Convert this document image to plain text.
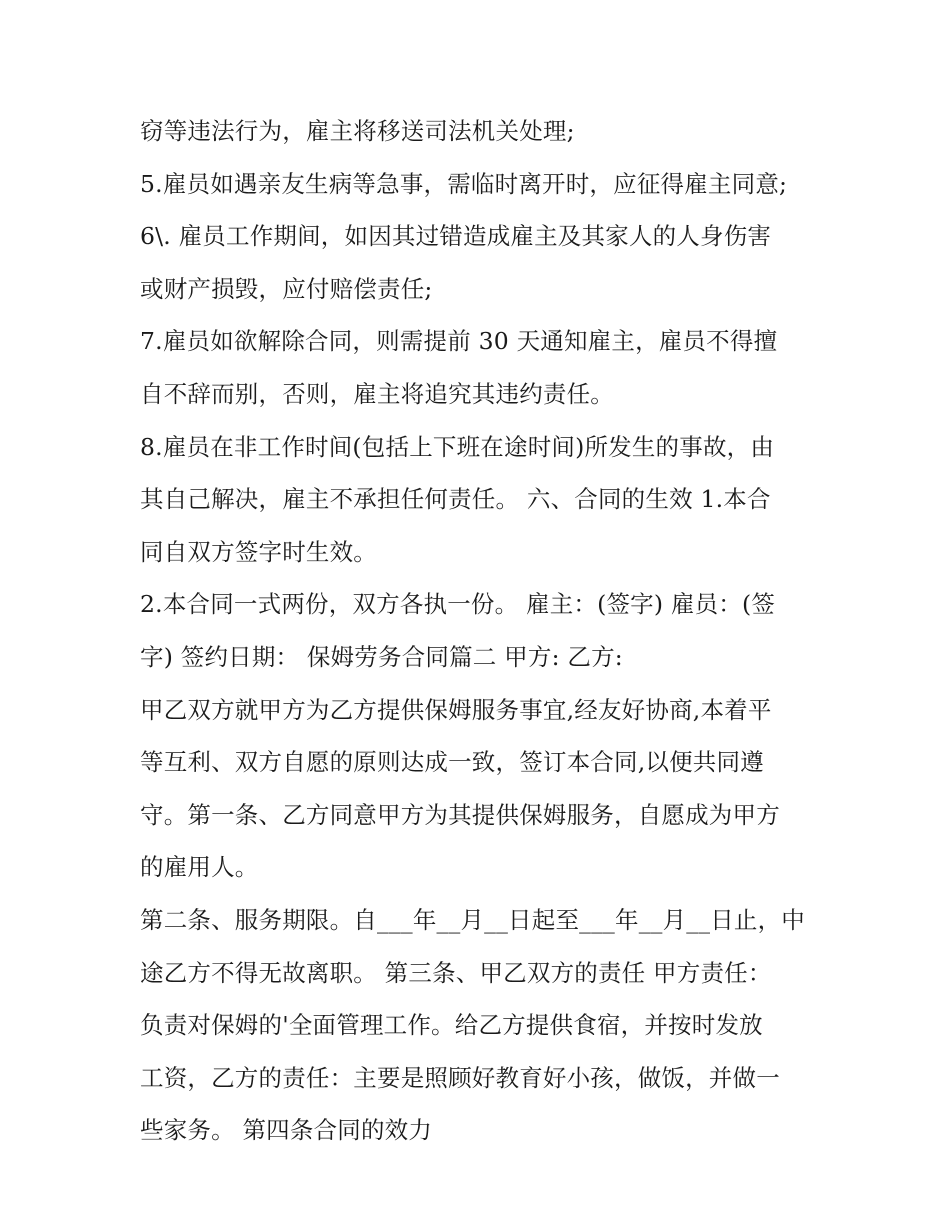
窃等违法行为，雇主将移送司法机关处理;
5.雇员如遇亲友生病等急事，需临时离开时，应征得雇主同意;
6\. 雇员工作期间，如因其过错造成雇主及其家人的人身伤害
或财产损毁，应付赔偿责任;
7.雇员如欲解除合同，则需提前 30 天通知雇主，雇员不得擅
自不辞而别，否则，雇主将追究其违约责任。
8.雇员在非工作时间(包括上下班在途时间)所发生的事故，由
其自己解决，雇主不承担任何责任。 六、合同的生效 1.本合
同自双方签字时生效。
2.本合同一式两份，双方各执一份。 雇主：(签字) 雇员：(签
字) 签约日期： 保姆劳务合同篇二 甲方: 乙方:
甲乙双方就甲方为乙方提供保姆服务事宜,经友好协商,本着平
等互利、双方自愿的原则达成一致，签订本合同,以便共同遵
守。第一条、乙方同意甲方为其提供保姆服务，自愿成为甲方
的雇用人。
第二条、服务期限。自___年__月__日起至___年__月__日止，中
途乙方不得无故离职。 第三条、甲乙双方的责任 甲方责任：
负责对保姆的'全面管理工作。给乙方提供食宿，并按时发放
工资，乙方的责任：主要是照顾好教育好小孩，做饭，并做一
些家务。 第四条合同的效力
